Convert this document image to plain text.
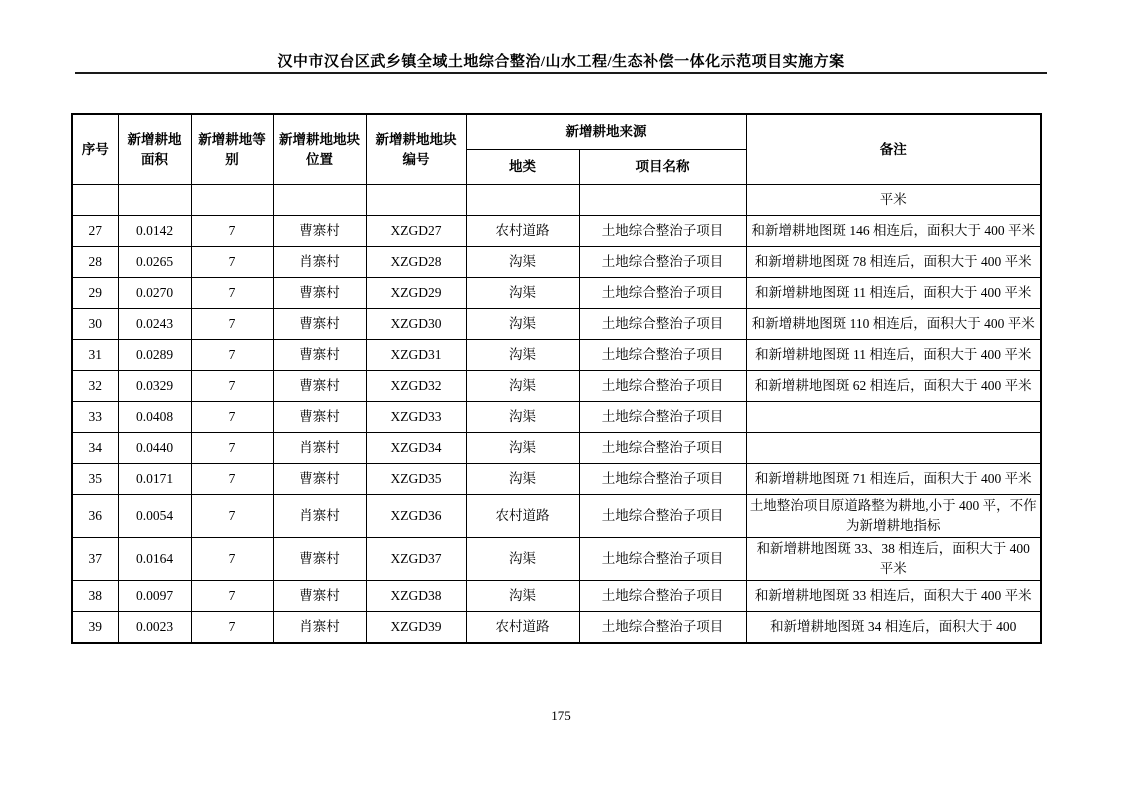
汉中市汉台区武乡镇全域土地综合整治/山水工程/生态补偿一体化示范项目实施方案
序号	新增耕地面积	新增耕地等别	新增耕地地块位置	新增耕地地块编号	新增耕地来源		备注
					地类	项目名称	
							平米
27	0.0142	7	曹寨村	XZGD27	农村道路	土地综合整治子项目	和新增耕地图斑 146 相连后，面积大于 400 平米
28	0.0265	7	肖寨村	XZGD28	沟渠	土地综合整治子项目	和新增耕地图斑 78 相连后，面积大于 400 平米
29	0.0270	7	曹寨村	XZGD29	沟渠	土地综合整治子项目	和新增耕地图斑 11 相连后，面积大于 400 平米
30	0.0243	7	曹寨村	XZGD30	沟渠	土地综合整治子项目	和新增耕地图斑 110 相连后，面积大于 400 平米
31	0.0289	7	曹寨村	XZGD31	沟渠	土地综合整治子项目	和新增耕地图斑 11 相连后，面积大于 400 平米
32	0.0329	7	曹寨村	XZGD32	沟渠	土地综合整治子项目	和新增耕地图斑 62 相连后，面积大于 400 平米
33	0.0408	7	曹寨村	XZGD33	沟渠	土地综合整治子项目	
34	0.0440	7	肖寨村	XZGD34	沟渠	土地综合整治子项目	
35	0.0171	7	曹寨村	XZGD35	沟渠	土地综合整治子项目	和新增耕地图斑 71 相连后，面积大于 400 平米
36	0.0054	7	肖寨村	XZGD36	农村道路	土地综合整治子项目	土地整治项目原道路整为耕地,小于 400 平，不作为新增耕地指标
37	0.0164	7	曹寨村	XZGD37	沟渠	土地综合整治子项目	和新增耕地图斑 33、38 相连后，面积大于 400 平米
38	0.0097	7	曹寨村	XZGD38	沟渠	土地综合整治子项目	和新增耕地图斑 33 相连后，面积大于 400 平米
39	0.0023	7	肖寨村	XZGD39	农村道路	土地综合整治子项目	和新增耕地图斑 34 相连后，面积大于 400
175
